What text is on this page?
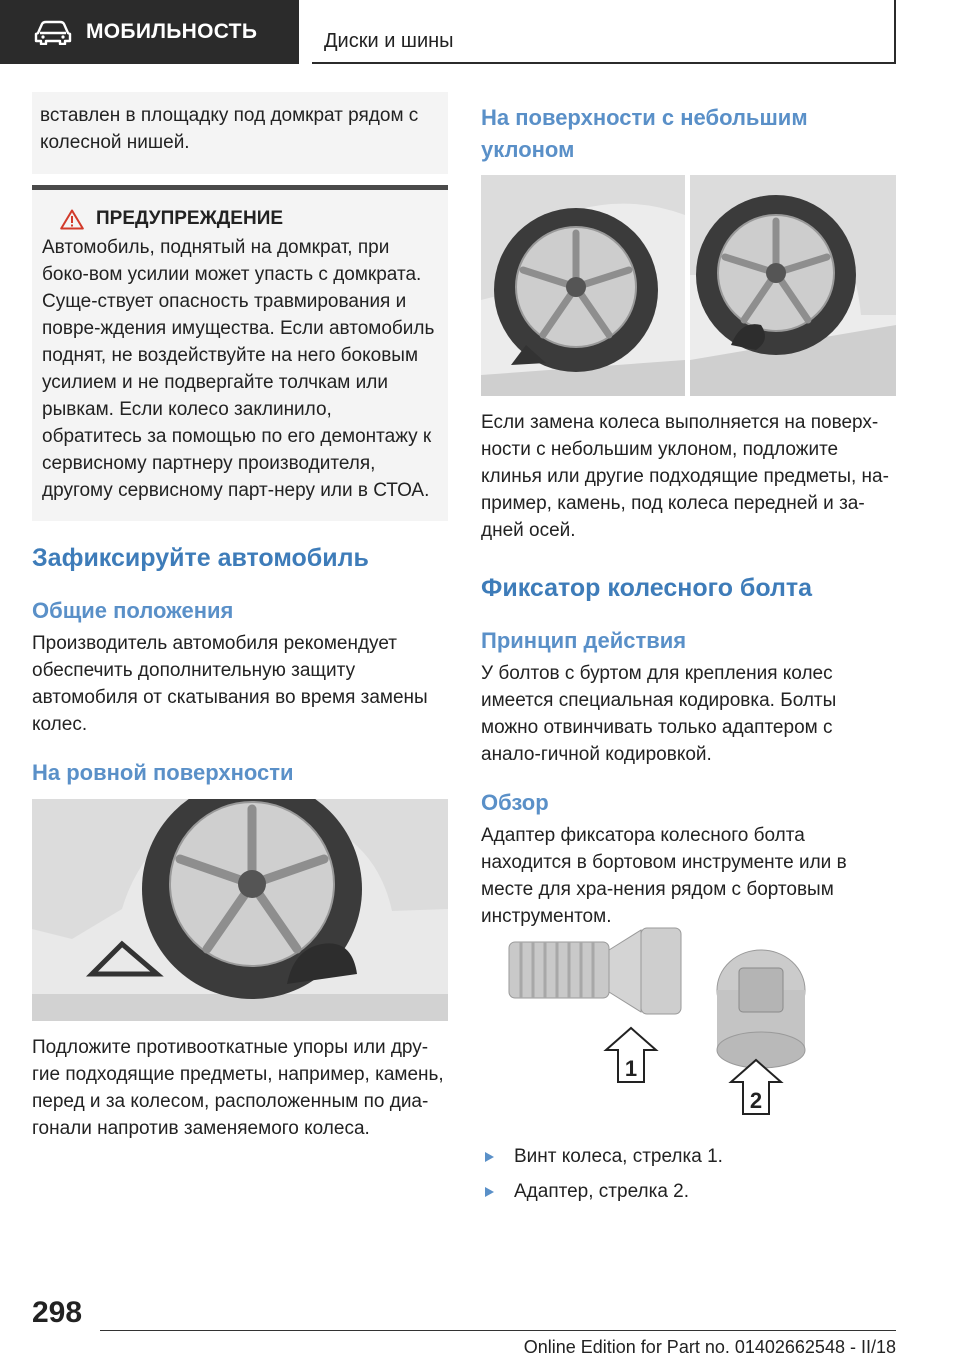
МОБИЛЬНОСТЬ	Диски и шины

вставлен в площадку под домкрат рядом с колесной нишей.

ПРЕДУПРЕЖДЕНИЕ

Автомобиль, поднятый на домкрат, при боко-вом усилии может упасть с домкрата. Суще-ствует опасность травмирования и повре-ждения имущества. Если автомобиль поднят, не воздействуйте на него боковым усилием и не подвергайте толчкам или рывкам. Если колесо заклинило, обратитесь за помощью по его демонтажу к сервисному партнеру производителя, другому сервисному парт-неру или в СТОА.

Зафиксируйте автомобиль
Общие положения

Производитель автомобиля рекомендует обеспечить дополнительную защиту автомобиля от скатывания во время замены колес.

На ровной поверхности

Подложите противооткатные упоры или дру-гие подходящие предметы, например, камень, перед и за колесом, расположенным по диа-гонали напротив заменяемого колеса.

На поверхности с небольшим уклоном

Если замена колеса выполняется на поверх-ности с небольшим уклоном, подложите клинья или другие подходящие предметы, на-пример, камень, под колеса передней и за-дней осей.

Фиксатор колесного болта
Принцип действия

У болтов с буртом для крепления колес имеется специальная кодировка. Болты можно отвинчивать только адаптером с анало-гичной кодировкой.

Обзор

Адаптер фиксатора колесного болта находится в бортовом инструменте или в месте для хра-нения рядом с бортовым инструментом.

1
2
Винт колеса, стрелка 1.
Адаптер, стрелка 2.
298
Online Edition for Part no. 01402662548 - II/18
